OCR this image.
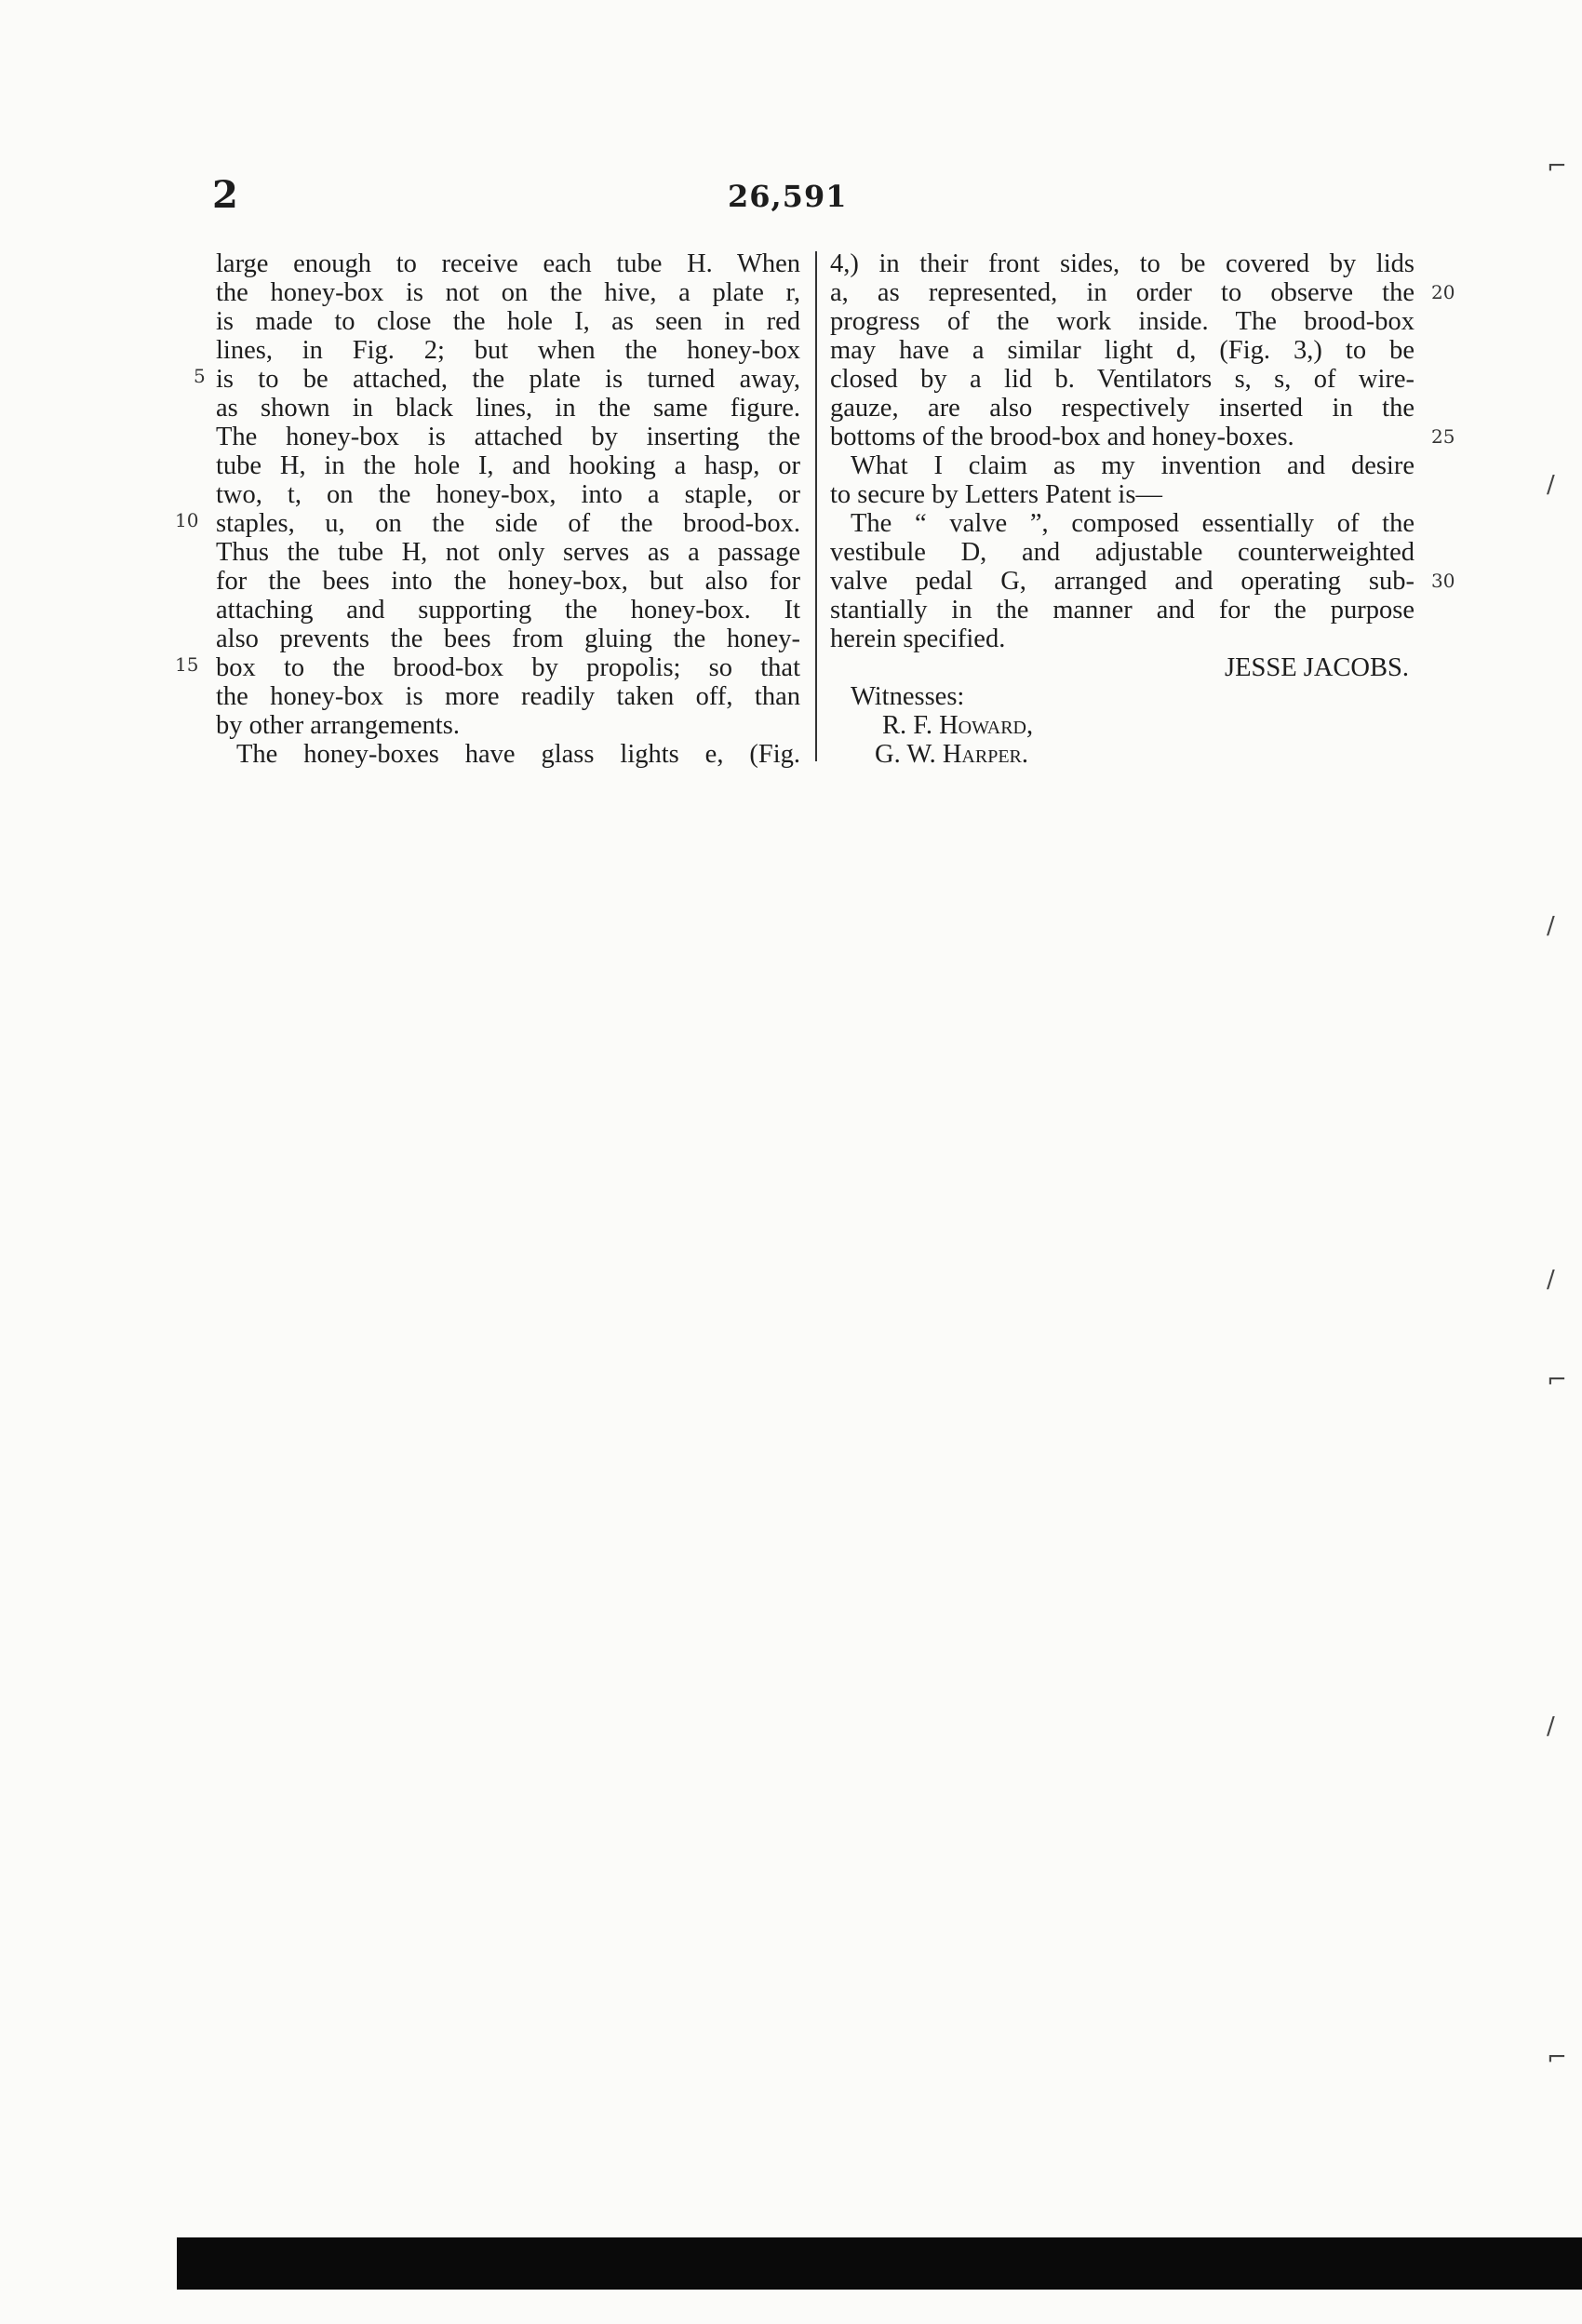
2	26,591
large enough to receive each tube H. When
the honey-box is not on the hive, a plate r,
is made to close the hole I, as seen in red
lines, in Fig. 2; but when the honey-box
is to be attached, the plate is turned away,
as shown in black lines, in the same figure.
The honey-box is attached by inserting the
tube H, in the hole I, and hooking a hasp, or
two, t, on the honey-box, into a staple, or
staples, u, on the side of the brood-box.
Thus the tube H, not only serves as a passage
for the bees into the honey-box, but also for
attaching and supporting the honey-box. It
also prevents the bees from gluing the honey-
box to the brood-box by propolis; so that
the honey-box is more readily taken off, than
by other arrangements.
The honey-boxes have glass lights e, (Fig.
4,) in their front sides, to be covered by lids
a, as represented, in order to observe the
progress of the work inside. The brood-box
may have a similar light d, (Fig. 3,) to be
closed by a lid b. Ventilators s, s, of wire-
gauze, are also respectively inserted in the
bottoms of the brood-box and honey-boxes.
What I claim as my invention and desire
to secure by Letters Patent is—
The “ valve ”, composed essentially of the
vestibule D, and adjustable counterweighted
valve pedal G, arranged and operating sub-
stantially in the manner and for the purpose
herein specified.
JESSE JACOBS.
Witnesses:
R. F. Howard,
G. W. Harper.
5
10
15
20
25
30
⌐
/
/
/
⌐
/
⌐
